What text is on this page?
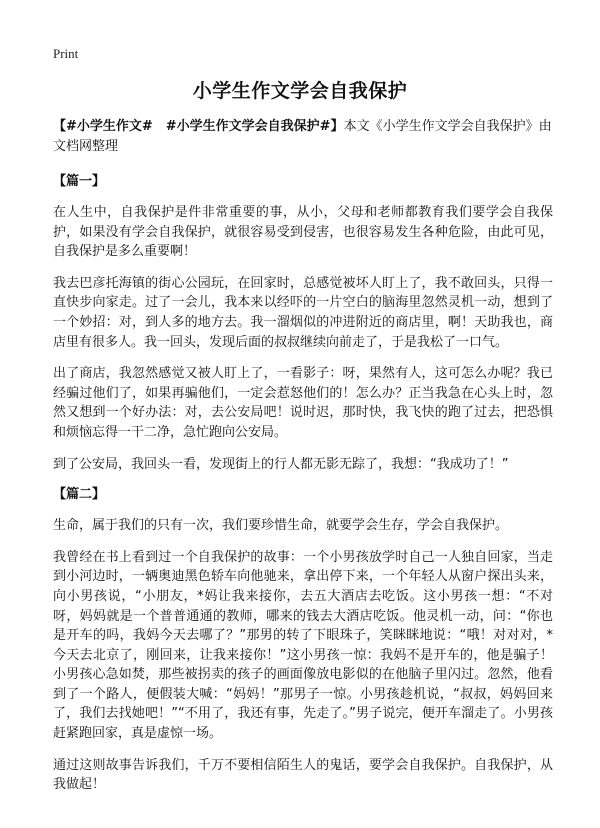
Print
小学生作文学会自我保护

【#小学生作文#　#小学生作文学会自我保护#】本文《小学生作文学会自我保护》由文档网整理

【篇一】

在人生中，自我保护是件非常重要的事，从小，父母和老师都教育我们要学会自我保护，如果没有学会自我保护，就很容易受到侵害，也很容易发生各种危险，由此可见，自我保护是多么重要啊！

我去巴彦托海镇的街心公园玩，在回家时，总感觉被坏人盯上了，我不敢回头，只得一直快步向家走。过了一会儿，我本来以经吓的一片空白的脑海里忽然灵机一动，想到了一个妙招：对，到人多的地方去。我一溜烟似的冲进附近的商店里，啊！天助我也，商店里有很多人。我一回头，发现后面的叔叔继续向前走了，于是我松了一口气。

出了商店，我忽然感觉又被人盯上了，一看影子：呀，果然有人，这可怎么办呢？我已经骗过他们了，如果再骗他们，一定会惹怒他们的！怎么办？正当我急在心头上时，忽然又想到一个好办法：对，去公安局吧！说时迟，那时快，我飞快的跑了过去，把恐惧和烦恼忘得一干二净，急忙跑向公安局。

到了公安局，我回头一看，发现街上的行人都无影无踪了，我想：“我成功了！”

【篇二】

生命，属于我们的只有一次，我们要珍惜生命，就要学会生存，学会自我保护。

我曾经在书上看到过一个自我保护的故事：一个小男孩放学时自己一人独自回家，当走到小河边时，一辆奥迪黑色轿车向他驰来，拿出停下来，一个年轻人从窗户探出头来，向小男孩说，“小朋友，*妈让我来接你，去五大酒店去吃饭。这小男孩一想：“不对呀，妈妈就是一个普普通通的教师，哪来的钱去大酒店吃饭。他灵机一动，问：“你也是开车的吗，我妈今天去哪了？”那男的转了下眼珠子，笑眯眯地说：“哦！对对对，*今天去北京了，刚回来，让我来接你！”这小男孩一惊：我妈不是开车的，他是骗子！小男孩心急如焚，那些被拐卖的孩子的画面像放电影似的在他脑子里闪过。忽然，他看到了一个路人，便假装大喊：“妈妈！”那男子一惊。小男孩趁机说，“叔叔，妈妈回来了，我们去找她吧！”“不用了，我还有事，先走了。”男子说完，便开车溜走了。小男孩赶紧跑回家，真是虚惊一场。

通过这则故事告诉我们，千万不要相信陌生人的鬼话，要学会自我保护。自我保护，从我做起！
